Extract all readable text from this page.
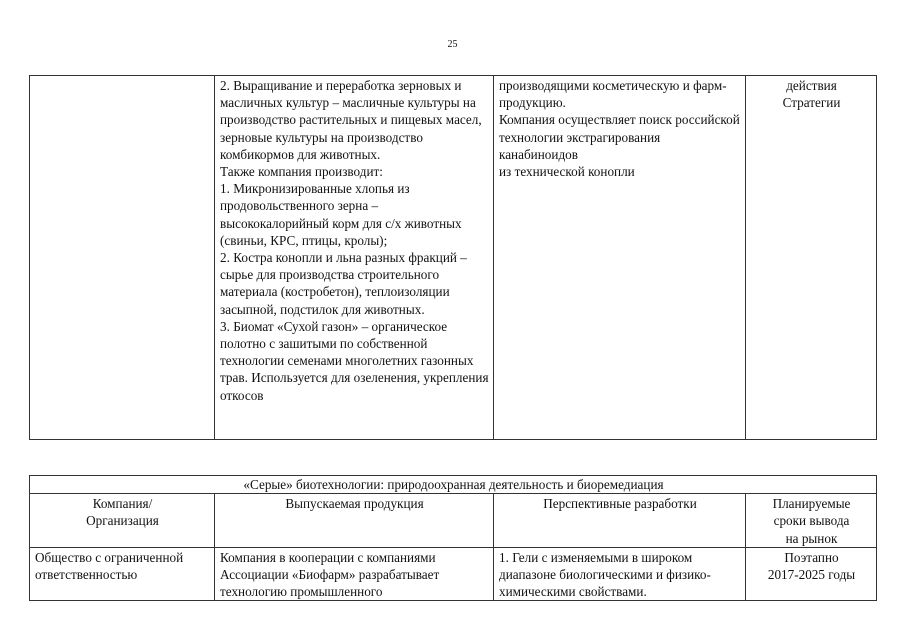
25
	2. Выращивание и переработка зерновых и масличных культур – масличные культуры на производство растительных и пищевых масел, зерновые культуры на производство комбикормов для животных.
Также компания производит:
1. Микронизированные хлопья из продовольственного зерна – высококалорийный корм для с/х животных (свиньи, КРС, птицы, кролы);
2. Костра конопли и льна разных фракций – сырье для производства строительного материала (костробетон), теплоизоляции засыпной, подстилок для животных.
3. Биомат «Сухой газон» – органическое полотно с зашитыми по собственной технологии семенами многолетних газонных трав. Используется для озеленения, укрепления откосов	производящими косметическую и фарм-продукцию.
Компания осуществляет поиск российской технологии экстрагирования канабиноидов
из технической конопли	действия
Стратегии
«Серые» биотехнологии: природоохранная деятельность и биоремедиация			
Компания/
Организация	Выпускаемая продукция	Перспективные разработки	Планируемые
сроки вывода
на рынок
Общество с ограниченной ответственностью	Компания в кооперации с компаниями Ассоциации «Биофарм» разрабатывает технологию промышленного	1. Гели с изменяемыми в широком диапазоне биологическими и физико-химическими свойствами.	Поэтапно
2017-2025 годы
